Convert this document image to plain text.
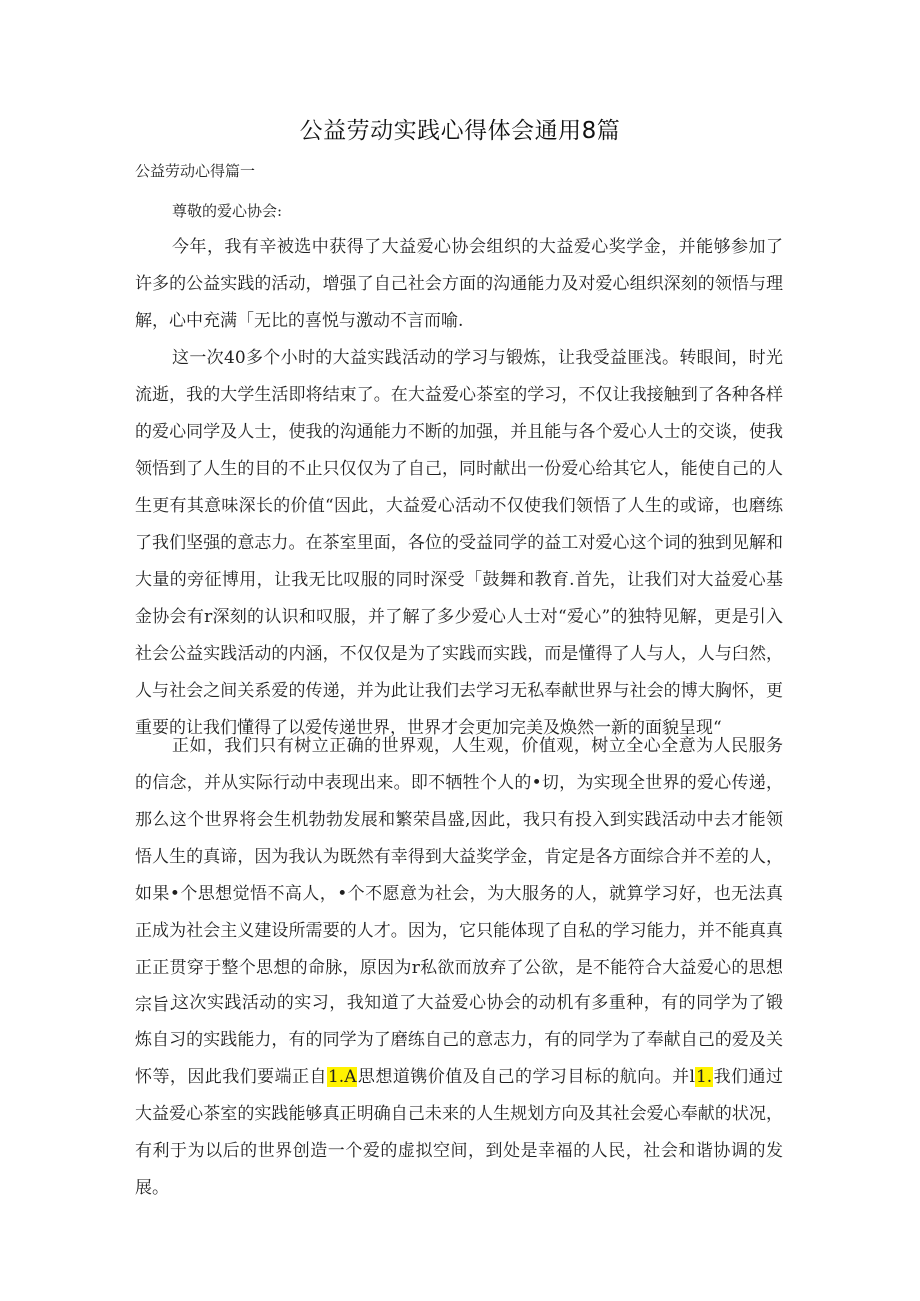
公益劳动实践心得体会通用8篇
公益劳动心得篇一
尊敬的爱心协会:

今年，我有辛被选中获得了大益爱心协会组织的大益爱心奖学金，并能够参加了许多的公益实践的活动，增强了自己社会方面的沟通能力及对爱心组织深刻的领悟与理解，心中充满「无比的喜悦与激动不言而喻.

这一次40多个小时的大益实践活动的学习与锻炼，让我受益匪浅。转眼间，时光流逝，我的大学生活即将结束了。在大益爱心茶室的学习，不仅让我接触到了各种各样的爱心同学及人士，使我的沟通能力不断的加强，并且能与各个爱心人士的交谈，使我领悟到了人生的目的不止只仅仅为了自己，同时献出一份爱心给其它人，能使自己的人生更有其意味深长的价值“因此，大益爱心活动不仅使我们领悟了人生的或谛，也磨练了我们坚强的意志力。在茶室里面，各位的受益同学的益工对爱心这个词的独到见解和大量的旁征博用，让我无比叹服的同时深受「鼓舞和教育.首先，让我们对大益爱心基金协会有r深刻的认识和叹服，并了解了多少爱心人士对“爱心”的独特见解，更是引入社会公益实践活动的内涵，不仅仅是为了实践而实践，而是懂得了人与人，人与臼然，人与社会之间关系爱的传递，并为此让我们去学习无私奉献世界与社会的博大胸怀，更重要的让我们懂得了以爱传递世界，世界才会更加完美及焕然一新的面貌呈现“

正如，我们只有树立正确的世界观，人生观，价值观，树立全心全意为人民服务的信念，并从实际行动中表现出来。即不牺牲个人的•切，为实现全世界的爱心传递，那么这个世界将会生机勃勃发展和繁荣昌盛,因此，我只有投入到实践活动中去才能领悟人生的真谛，因为我认为既然有幸得到大益奖学金，肯定是各方面综合并不差的人，如果•个思想觉悟不高人，•个不愿意为社会，为大服务的人，就算学习好，也无法真正成为社会主义建设所需要的人才。因为，它只能体现了自私的学习能力，并不能真真正正贯穿于整个思想的命脉，原因为r私欲而放弃了公欲，是不能符合大益爱心的思想宗旨.

这次实践活动的实习，我知道了大益爱心协会的动机有多重种，有的同学为了锻炼自习的实践能力，有的同学为了磨练自己的意志力，有的同学为了奉献自己的爱及关怀等，因此我们要端正自1.A思想道镌价值及自己的学习目标的航向。并l1.我们通过大益爱心茶室的实践能够真正明确自己未来的人生规划方向及其社会爱心奉献的状况，有利于为以后的世界创造一个爱的虚拟空间，到处是幸福的人民，社会和谐协调的发展。
